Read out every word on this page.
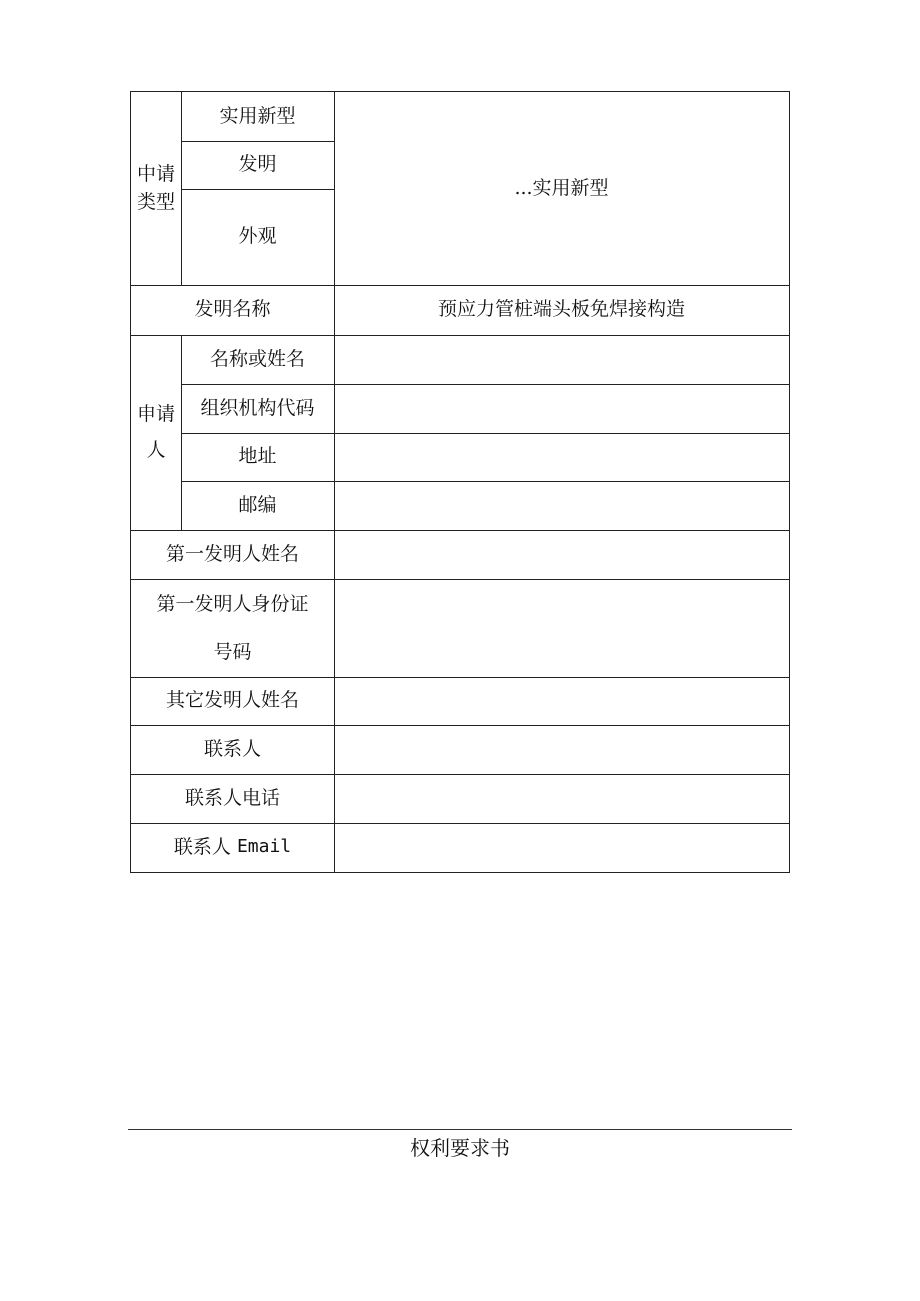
中请
类型
实用新型
发明
外观
...实用新型
发明名称	预应力管桩端头板免焊接构造
申请
人
名称或姓名
组织机构代码
地址
邮编
第一发明人姓名
第一发明人身份证
号码
其它发明人姓名
联系人
联系人电话
联系人
Email
权利要求书
